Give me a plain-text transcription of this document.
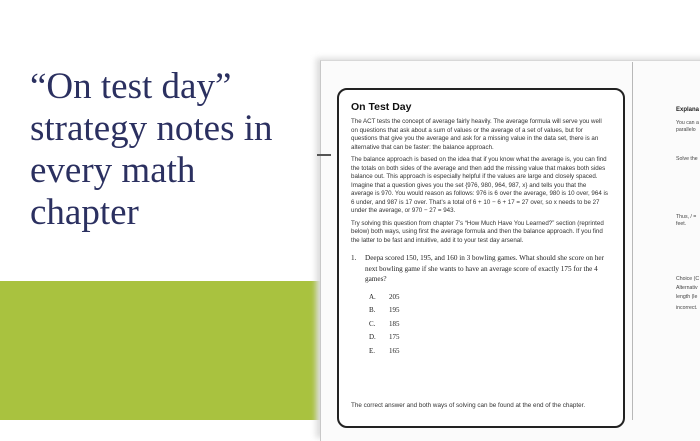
“On test day” strategy notes in every math chapter
On Test Day

The ACT tests the concept of average fairly heavily. The average formula will serve you well on questions that ask about a sum of values or the average of a set of values, but for questions that give you the average and ask for a missing value in the data set, there is an alternative that can be faster: the balance approach.

The balance approach is based on the idea that if you know what the average is, you can find the totals on both sides of the average and then add the missing value that makes both sides balance out. This approach is especially helpful if the values are large and closely spaced. Imagine that a question gives you the set {976, 980, 964, 987, x} and tells you that the average is 970. You would reason as follows: 976 is 6 over the average, 980 is 10 over, 964 is 6 under, and 987 is 17 over. That’s a total of 6 + 10 − 6 + 17 = 27 over, so x needs to be 27 under the average, or 970 − 27 = 943.

Try solving this question from chapter 7’s “How Much Have You Learned?” section (reprinted below) both ways, using first the average formula and then the balance approach. If you find the latter to be fast and intuitive, add it to your test day arsenal.

1.	Deepa scored 150, 195, and 160 in 3 bowling games. What should she score on her next bowling game if she wants to have an average score of exactly 175 for the 4 games?
A. 205
B. 195
C. 185
D. 175
E. 165

The correct answer and both ways of solving can be found at the end of the chapter.

Explana

You can a

parallelo

Solve the

Thus, / =

feet.

Choice (C

Alternativ

length (le

incorrect.
